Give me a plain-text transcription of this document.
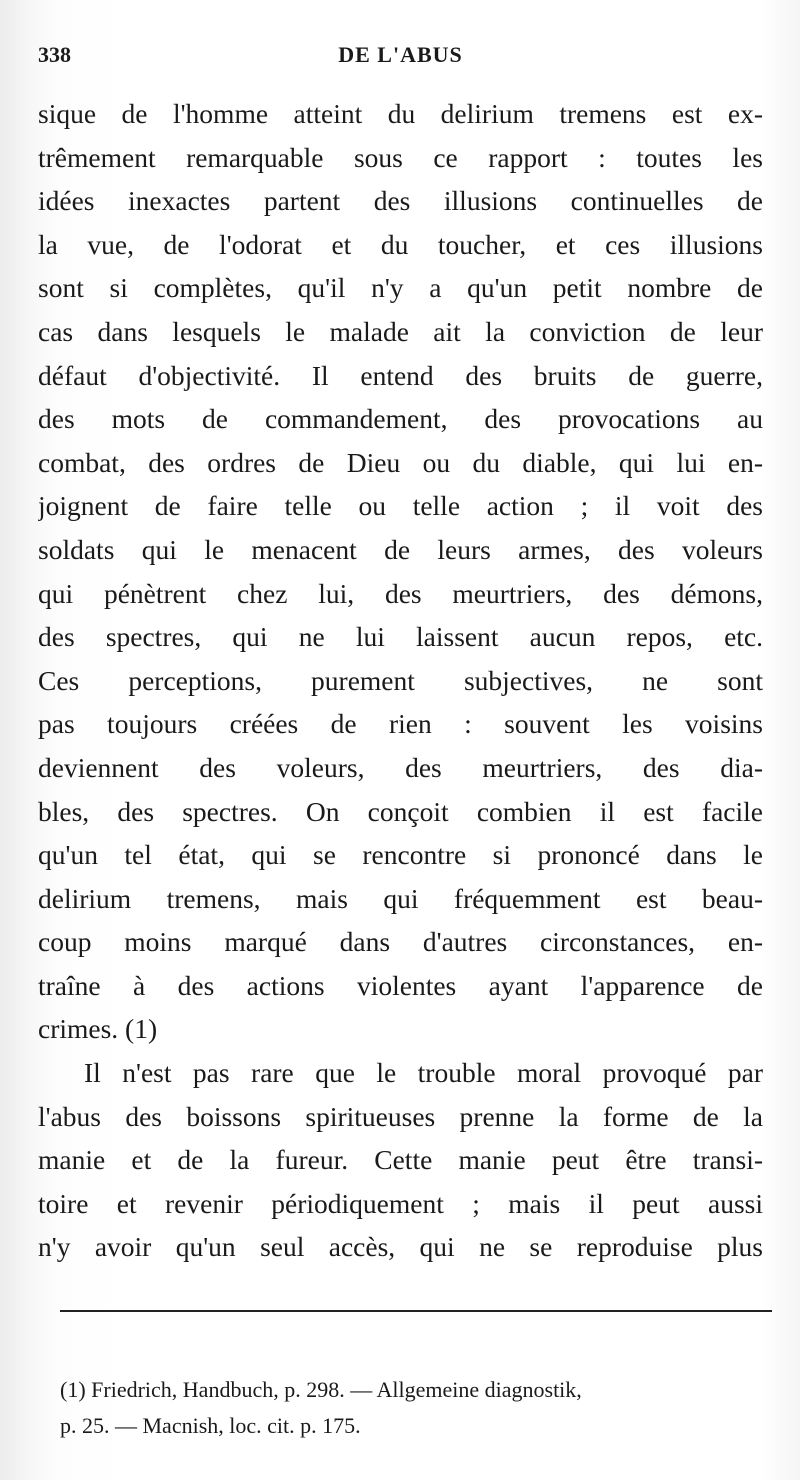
338	DE L'ABUS
sique de l'homme atteint du delirium tremens est ex-
trêmement remarquable sous ce rapport : toutes les
idées inexactes partent des illusions continuelles de
la vue, de l'odorat et du toucher, et ces illusions
sont si complètes, qu'il n'y a qu'un petit nombre de
cas dans lesquels le malade ait la conviction de leur
défaut d'objectivité. Il entend des bruits de guerre,
des mots de commandement, des provocations au
combat, des ordres de Dieu ou du diable, qui lui en-
joignent de faire telle ou telle action ; il voit des
soldats qui le menacent de leurs armes, des voleurs
qui pénètrent chez lui, des meurtriers, des démons,
des spectres, qui ne lui laissent aucun repos, etc.
Ces perceptions, purement subjectives, ne sont
pas toujours créées de rien : souvent les voisins
deviennent des voleurs, des meurtriers, des dia-
bles, des spectres. On conçoit combien il est facile
qu'un tel état, qui se rencontre si prononcé dans le
delirium tremens, mais qui fréquemment est beau-
coup moins marqué dans d'autres circonstances, en-
traîne à des actions violentes ayant l'apparence de
crimes. (1)
Il n'est pas rare que le trouble moral provoqué par
l'abus des boissons spiritueuses prenne la forme de la
manie et de la fureur. Cette manie peut être transi-
toire et revenir périodiquement ; mais il peut aussi
n'y avoir qu'un seul accès, qui ne se reproduise plus
(1) Friedrich, Handbuch, p. 298. — Allgemeine diagnostik,
p. 25. — Macnish, loc. cit. p. 175.
